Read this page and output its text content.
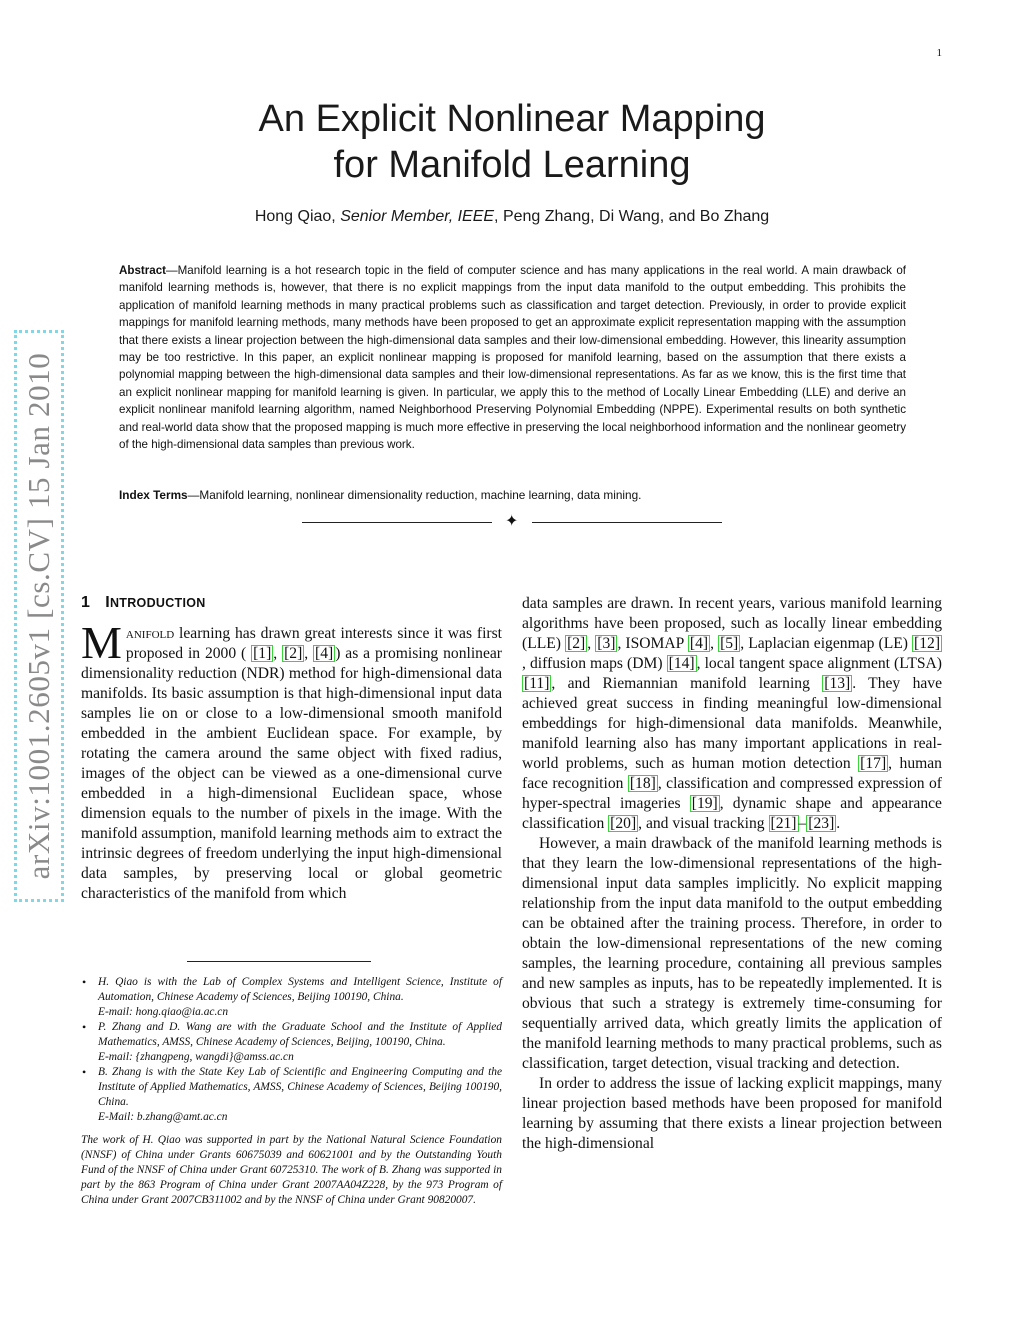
1
arXiv:1001.2605v1 [cs.CV] 15 Jan 2010
An Explicit Nonlinear Mapping
for Manifold Learning
Hong Qiao, Senior Member, IEEE, Peng Zhang, Di Wang, and Bo Zhang
Abstract—Manifold learning is a hot research topic in the field of computer science and has many applications in the real world. A main drawback of manifold learning methods is, however, that there is no explicit mappings from the input data manifold to the output embedding. This prohibits the application of manifold learning methods in many practical problems such as classification and target detection. Previously, in order to provide explicit mappings for manifold learning methods, many methods have been proposed to get an approximate explicit representation mapping with the assumption that there exists a linear projection between the high-dimensional data samples and their low-dimensional embedding. However, this linearity assumption may be too restrictive. In this paper, an explicit nonlinear mapping is proposed for manifold learning, based on the assumption that there exists a polynomial mapping between the high-dimensional data samples and their low-dimensional representations. As far as we know, this is the first time that an explicit nonlinear mapping for manifold learning is given. In particular, we apply this to the method of Locally Linear Embedding (LLE) and derive an explicit nonlinear manifold learning algorithm, named Neighborhood Preserving Polynomial Embedding (NPPE). Experimental results on both synthetic and real-world data show that the proposed mapping is much more effective in preserving the local neighborhood information and the nonlinear geometry of the high-dimensional data samples than previous work.
Index Terms—Manifold learning, nonlinear dimensionality reduction, machine learning, data mining.
✦
1 INTRODUCTION

Manifold learning has drawn great interests since it was first proposed in 2000 ( [1] , [2] , [4] ) as a promising nonlinear dimensionality reduction (NDR) method for high-dimensional data manifolds. Its basic assumption is that high-dimensional input data samples lie on or close to a low-dimensional smooth manifold embedded in the ambient Euclidean space. For example, by rotating the camera around the same object with fixed radius, images of the object can be viewed as a one-dimensional curve embedded in a high-dimensional Euclidean space, whose dimension equals to the number of pixels in the image. With the manifold assumption, manifold learning methods aim to extract the intrinsic degrees of freedom underlying the input high-dimensional data samples, by preserving local or global geometric characteristics of the manifold from which

• H. Qiao is with the Lab of Complex Systems and Intelligent Science, Institute of Automation, Chinese Academy of Sciences, Beijing 100190, China.
E-mail: hong.qiao@ia.ac.cn
• P. Zhang and D. Wang are with the Graduate School and the Institute of Applied Mathematics, AMSS, Chinese Academy of Sciences, Beijing, 100190, China.
E-mail: {zhangpeng, wangdi}@amss.ac.cn
• B. Zhang is with the State Key Lab of Scientific and Engineering Computing and the Institute of Applied Mathematics, AMSS, Chinese Academy of Sciences, Beijing 100190, China.
E-Mail: b.zhang@amt.ac.cn
The work of H. Qiao was supported in part by the National Natural Science Foundation (NNSF) of China under Grants 60675039 and 60621001 and by the Outstanding Youth Fund of the NNSF of China under Grant 60725310. The work of B. Zhang was supported in part by the 863 Program of China under Grant 2007AA04Z228, by the 973 Program of China under Grant 2007CB311002 and by the NNSF of China under Grant 90820007.

data samples are drawn. In recent years, various manifold learning algorithms have been proposed, such as locally linear embedding (LLE) [2] , [3] , ISOMAP [4] , [5] , Laplacian eigenmap (LE) [12], diffusion maps (DM) [14] , local tangent space alignment (LTSA) [11] , and Riemannian manifold learning [13] . They have achieved great success in finding meaningful low-dimensional embeddings for high-dimensional data manifolds. Meanwhile, manifold learning also has many important applications in real-world problems, such as human motion detection [17] , human face recognition [18] , classification and compressed expression of hyper-spectral imageries [19] , dynamic shape and appearance classification [20] , and visual tracking [21] – [23] .

However, a main drawback of the manifold learning methods is that they learn the low-dimensional representations of the high-dimensional input data samples implicitly. No explicit mapping relationship from the input data manifold to the output embedding can be obtained after the training process. Therefore, in order to obtain the low-dimensional representations of the new coming samples, the learning procedure, containing all previous samples and new samples as inputs, has to be repeatedly implemented. It is obvious that such a strategy is extremely time-consuming for sequentially arrived data, which greatly limits the application of the manifold learning methods to many practical problems, such as classification, target detection, visual tracking and detection.

In order to address the issue of lacking explicit mappings, many linear projection based methods have been proposed for manifold learning by assuming that there exists a linear projection between the high-dimensional
